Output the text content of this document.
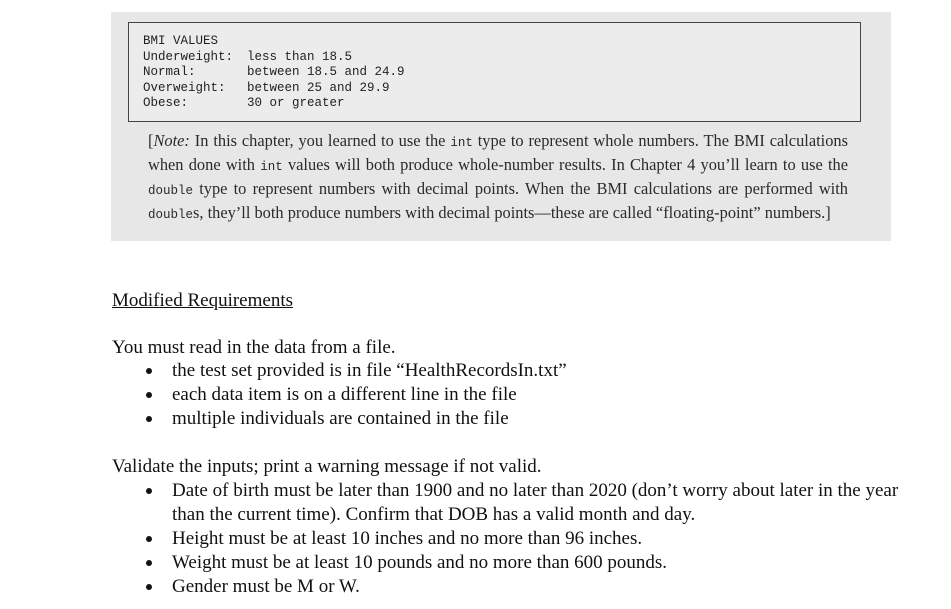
BMI VALUES
Underweight: less than 18.5
Normal:	between 18.5 and 24.9
Overweight: between 25 and 29.9
Obese:	30 or greater
[Note: In this chapter, you learned to use the int type to represent whole numbers. The BMI calculations when done with int values will both produce whole-number results. In Chapter 4 you’ll learn to use the double type to represent numbers with decimal points. When the BMI calculations are performed with doubles, they’ll both produce numbers with decimal points—these are called “floating-point” numbers.]
Modified Requirements
You must read in the data from a file.
the test set provided is in file “HealthRecordsIn.txt”
each data item is on a different line in the file
multiple individuals are contained in the file
Validate the inputs; print a warning message if not valid.
Date of birth must be later than 1900 and no later than 2020 (don’t worry about later in the year than the current time). Confirm that DOB has a valid month and day.
Height must be at least 10 inches and no more than 96 inches.
Weight must be at least 10 pounds and no more than 600 pounds.
Gender must be M or W.
